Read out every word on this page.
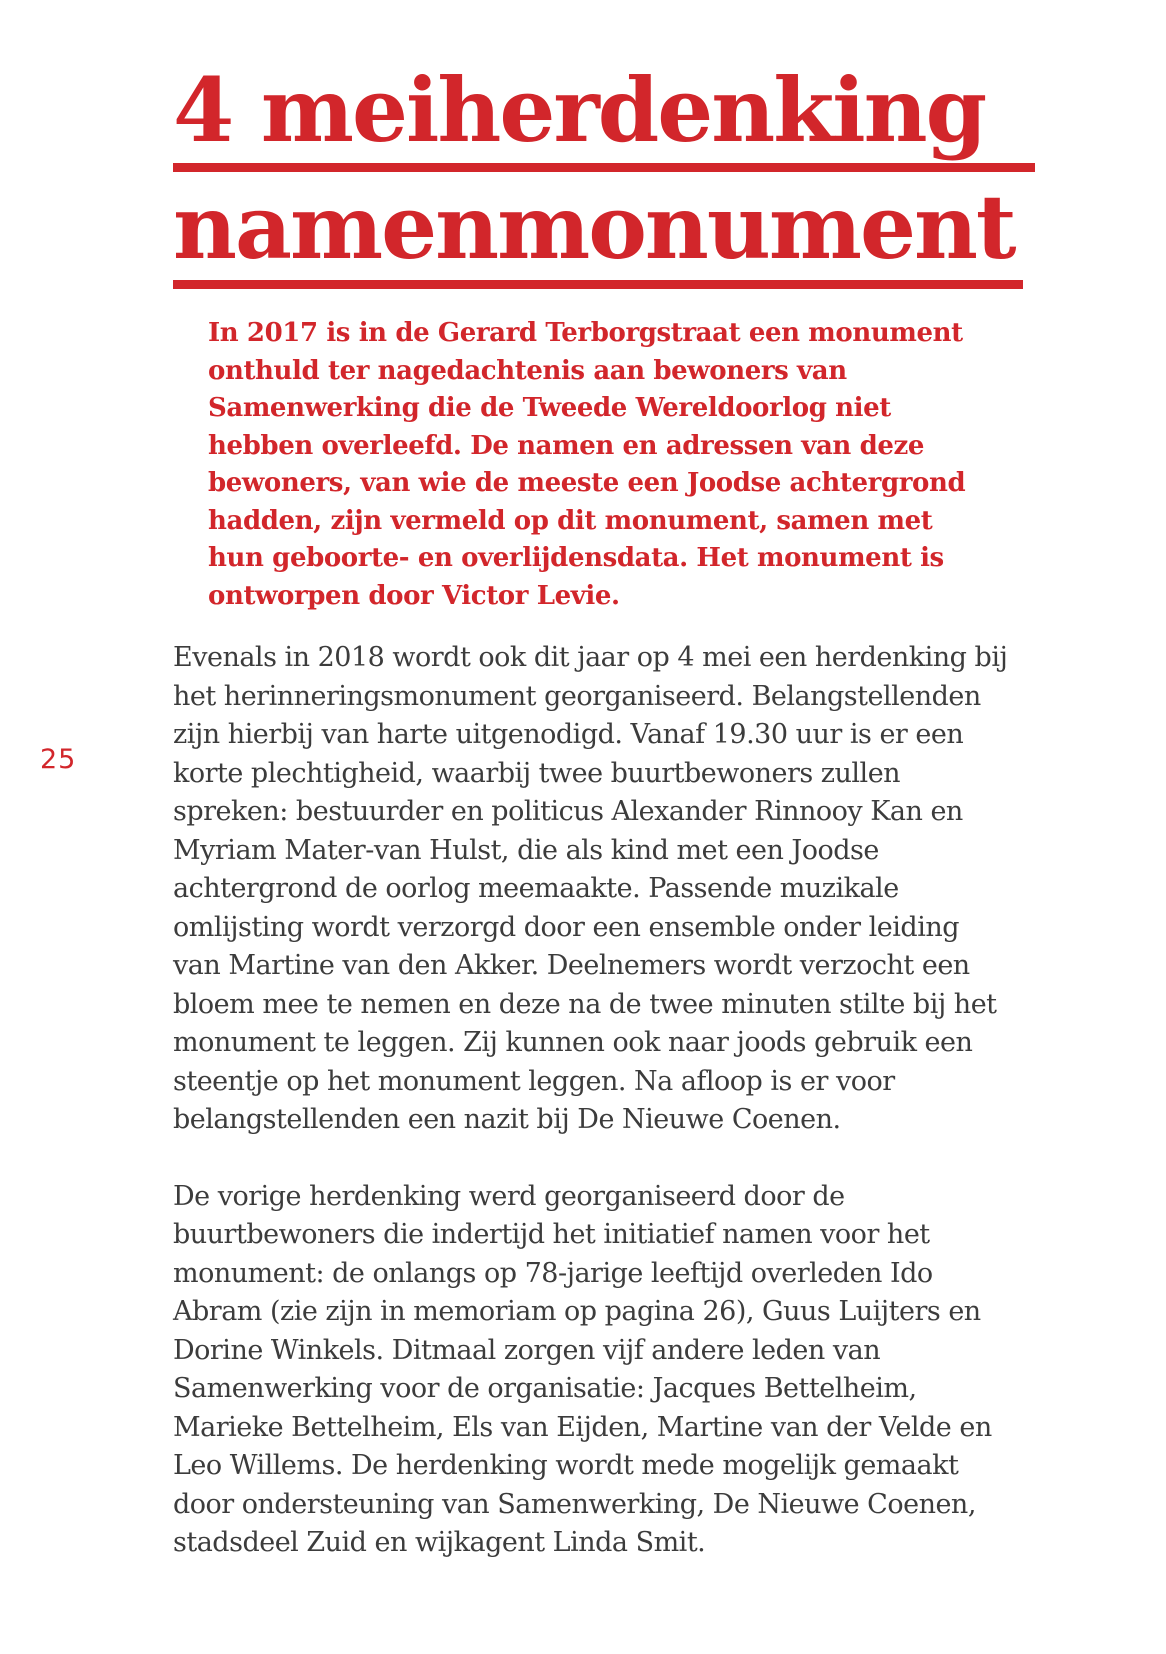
25
4 meiherdenking
namenmonument

In 2017 is in de Gerard Terborgstraat een monument onthuld ter nagedachtenis aan bewoners van Samenwerking die de Tweede Wereldoorlog niet hebben overleefd. De namen en adressen van deze bewoners, van wie de meeste een Joodse achtergrond hadden, zijn vermeld op dit monument, samen met hun geboorte- en overlijdensdata. Het monument is ontworpen door Victor Levie.

Evenals in 2018 wordt ook dit jaar op 4 mei een herdenking bij het herinneringsmonument georganiseerd. Belangstellenden zijn hierbij van harte uitgenodigd. Vanaf 19.30 uur is er een korte plechtigheid, waarbij twee buurtbewoners zullen spreken: bestuurder en politicus Alexander Rinnooy Kan en Myriam Mater-van Hulst, die als kind met een Joodse achtergrond de oorlog meemaakte. Passende muzikale omlijsting wordt verzorgd door een ensemble onder leiding van Martine van den Akker. Deelnemers wordt verzocht een bloem mee te nemen en deze na de twee minuten stilte bij het monument te leggen. Zij kunnen ook naar joods gebruik een steentje op het monument leggen. Na afloop is er voor belangstellenden een nazit bij De Nieuwe Coenen.

De vorige herdenking werd georganiseerd door de buurtbewoners die indertijd het initiatief namen voor het monument: de onlangs op 78-jarige leeftijd overleden Ido Abram (zie zijn in memoriam op pagina 26), Guus Luijters en Dorine Winkels. Ditmaal zorgen vijf andere leden van Samenwerking voor de organisatie: Jacques Bettelheim, Marieke Bettelheim, Els van Eijden, Martine van der Velde en Leo Willems. De herdenking wordt mede mogelijk gemaakt door ondersteuning van Samenwerking, De Nieuwe Coenen, stadsdeel Zuid en wijkagent Linda Smit.
